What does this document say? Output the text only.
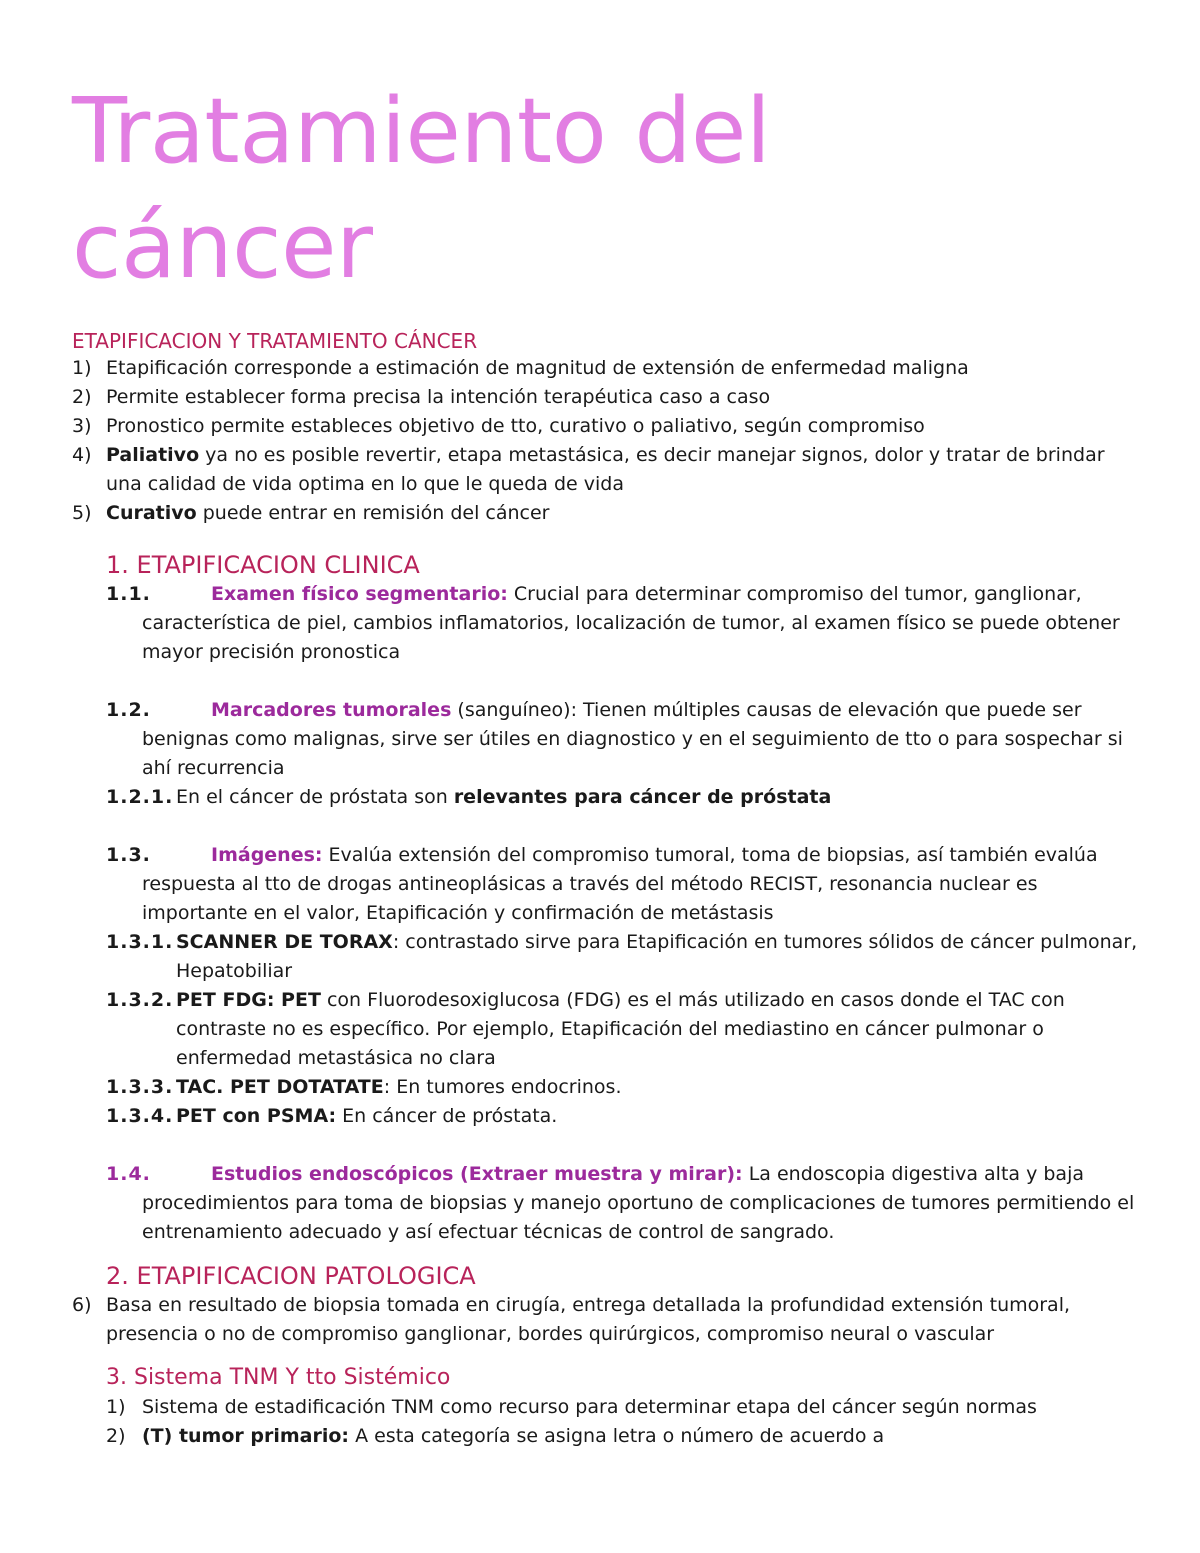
Tratamiento del
cáncer
ETAPIFICACION Y TRATAMIENTO CÁNCER
1) Etapificación corresponde a estimación de magnitud de extensión de enfermedad maligna
2) Permite establecer forma precisa la intención terapéutica caso a caso
3) Pronostico permite estableces objetivo de tto, curativo o paliativo, según compromiso
4) Paliativo ya no es posible revertir, etapa metastásica, es decir manejar signos, dolor y tratar de brindar una calidad de vida optima en lo que le queda de vida
5) Curativo puede entrar en remisión del cáncer
1. ETAPIFICACION CLINICA
1.1.	Examen físico segmentario: Crucial para determinar compromiso del tumor, ganglionar, característica de piel, cambios inflamatorios, localización de tumor, al examen físico se puede obtener mayor precisión pronostica
1.2.	Marcadores tumorales (sanguíneo): Tienen múltiples causas de elevación que puede ser benignas como malignas, sirve ser útiles en diagnostico y en el seguimiento de tto o para sospechar si ahí recurrencia
1.2.1. En el cáncer de próstata son relevantes para cáncer de próstata
1.3.	Imágenes: Evalúa extensión del compromiso tumoral, toma de biopsias, así también evalúa respuesta al tto de drogas antineoplásicas a través del método RECIST, resonancia nuclear es importante en el valor, Etapificación y confirmación de metástasis
1.3.1. SCANNER DE TORAX: contrastado sirve para Etapificación en tumores sólidos de cáncer pulmonar, Hepatobiliar
1.3.2. PET FDG: PET con Fluorodesoxiglucosa (FDG) es el más utilizado en casos donde el TAC con contraste no es específico. Por ejemplo, Etapificación del mediastino en cáncer pulmonar o enfermedad metastásica no clara
1.3.3. TAC. PET DOTATATE: En tumores endocrinos.
1.3.4. PET con PSMA: En cáncer de próstata.
1.4.	Estudios endoscópicos (Extraer muestra y mirar): La endoscopia digestiva alta y baja procedimientos para toma de biopsias y manejo oportuno de complicaciones de tumores permitiendo el entrenamiento adecuado y así efectuar técnicas de control de sangrado.
2. ETAPIFICACION PATOLOGICA
6) Basa en resultado de biopsia tomada en cirugía, entrega detallada la profundidad extensión tumoral, presencia o no de compromiso ganglionar, bordes quirúrgicos, compromiso neural o vascular
3. Sistema TNM Y tto Sistémico
1) Sistema de estadificación TNM como recurso para determinar etapa del cáncer según normas
2) (T) tumor primario: A esta categoría se asigna letra o número de acuerdo a
